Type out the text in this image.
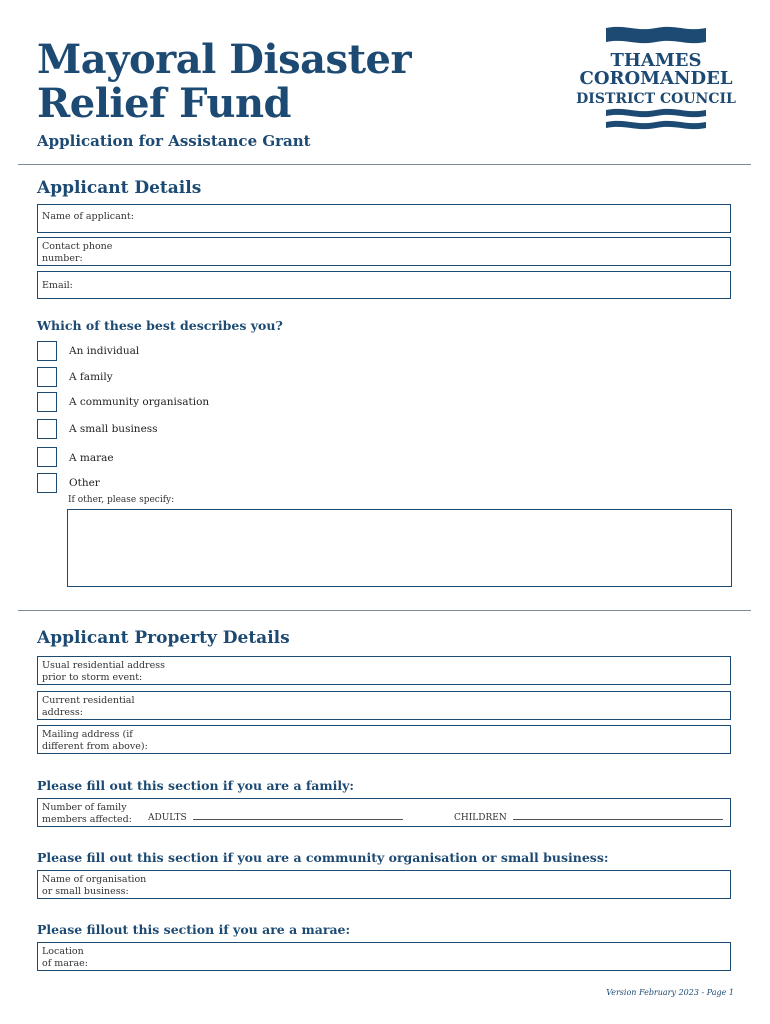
Mayoral Disaster
Relief Fund
Application for Assistance Grant
THAMES
COROMANDEL
DISTRICT COUNCIL
Applicant Details
Name of applicant:
Contact phone
number:
Email:
Which of these best describes you?
An individual
A family
A community organisation
A small business
A marae
Other
If other, please specify:
Applicant Property Details
Usual residential address
prior to storm event:
Current residential
address:
Mailing address (if
different from above):
Please fill out this section if you are a family:
Number of family
members affected: ADULTS	CHILDREN
Please fill out this section if you are a community organisation or small business:
Name of organisation
or small business:
Please fillout this section if you are a marae:
Location
of marae:
Version February 2023 - Page 1
